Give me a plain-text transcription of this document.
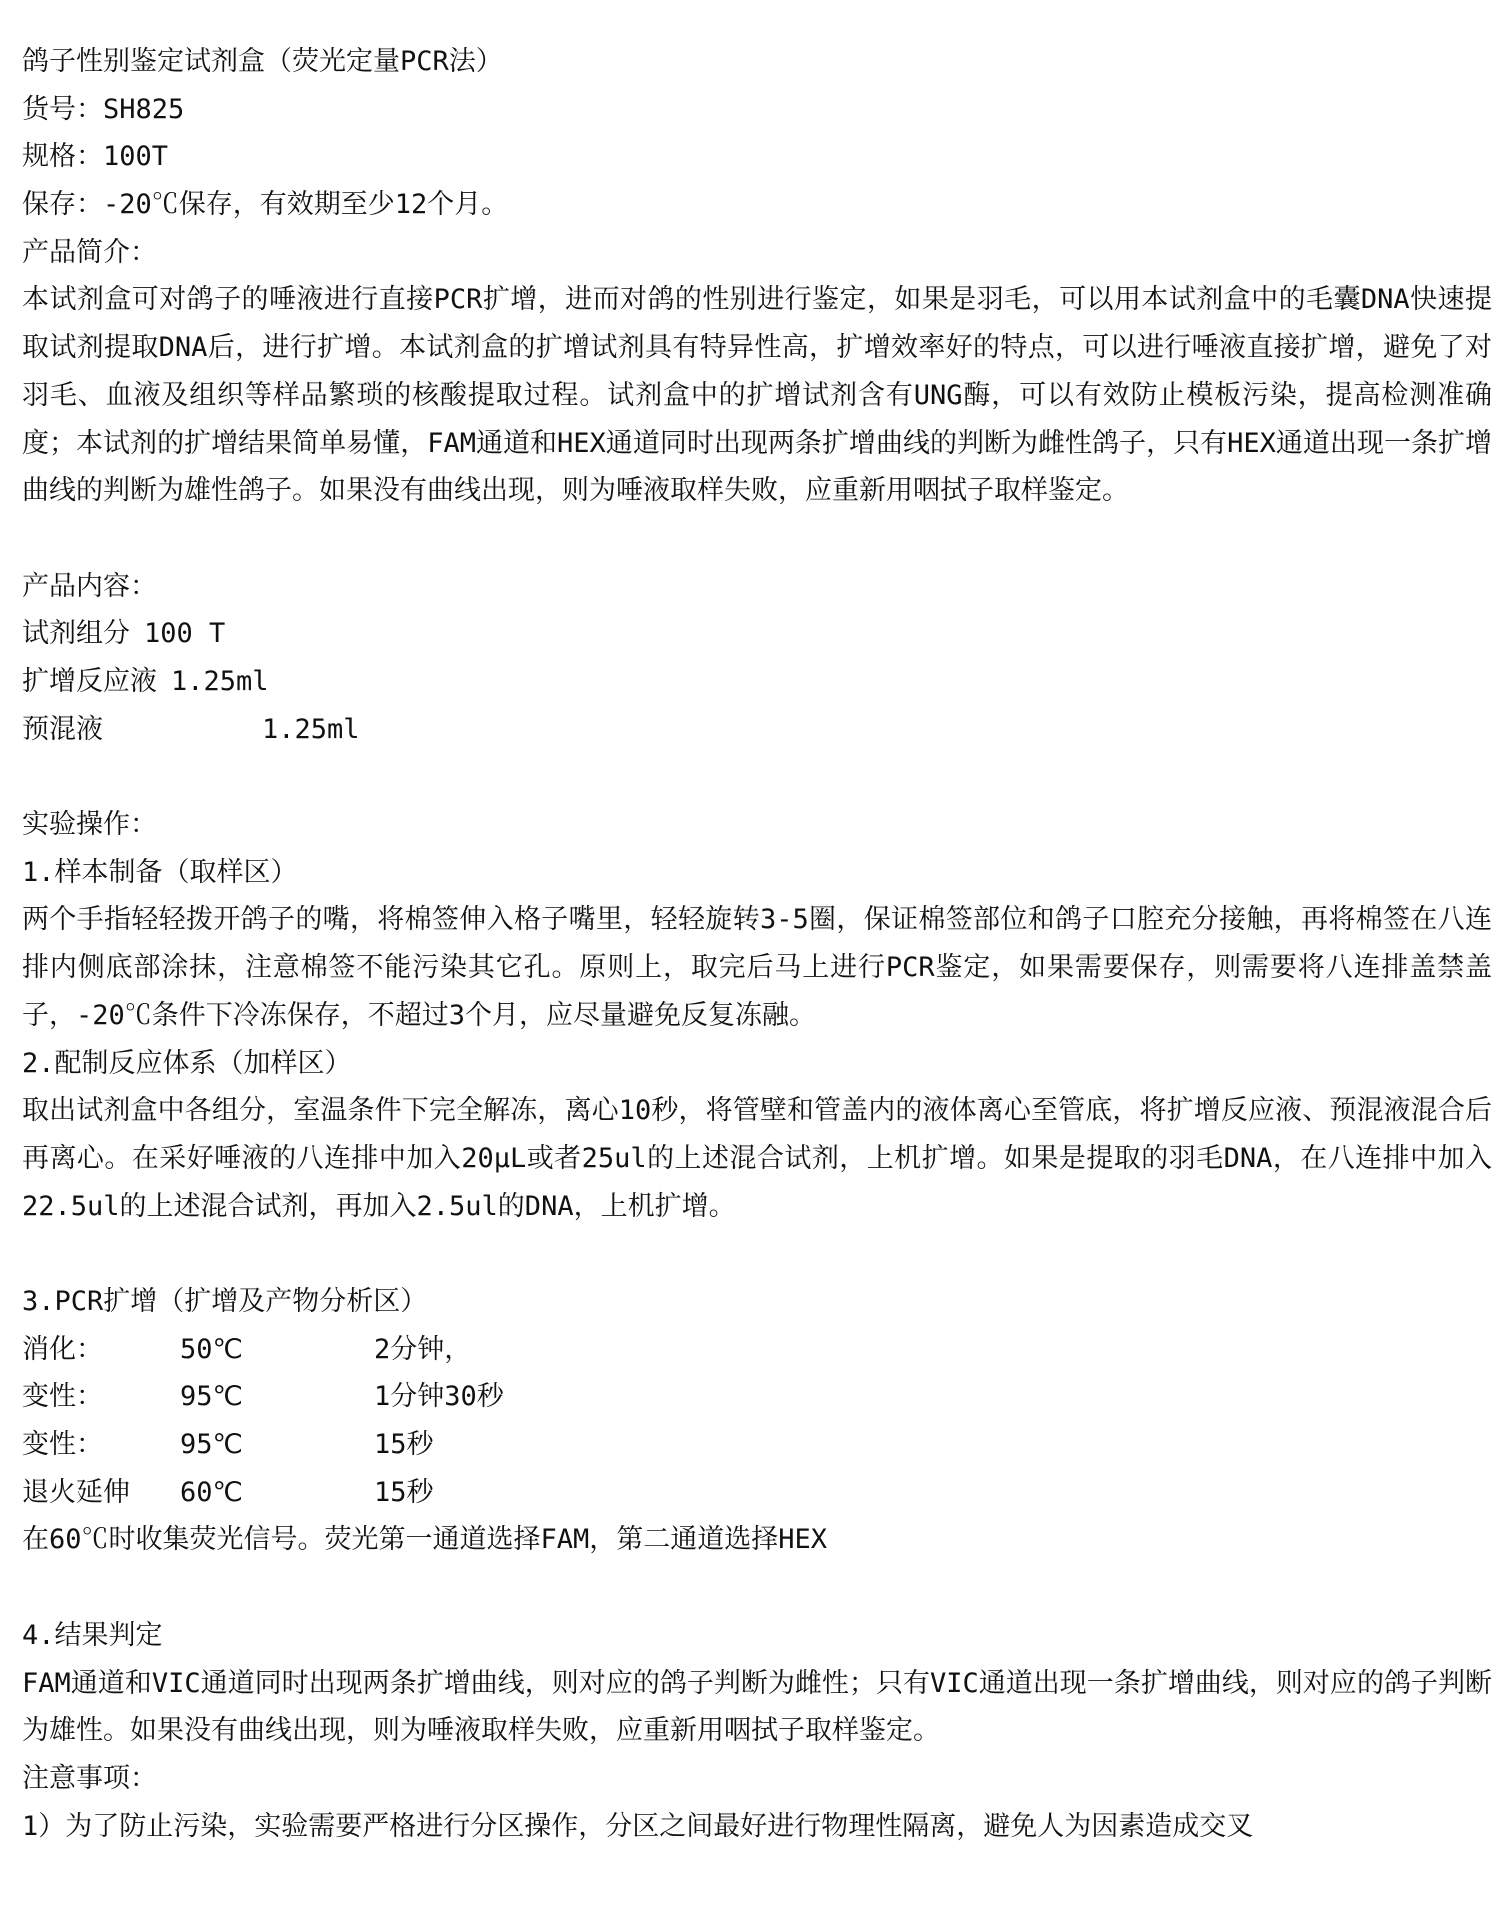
鸽子性别鉴定试剂盒（荧光定量PCR法）
货号：SH825
规格：100T
保存：-20℃保存，有效期至少12个月。
产品简介：
本试剂盒可对鸽子的唾液进行直接PCR扩增，进而对鸽的性别进行鉴定，如果是羽毛，可以用本试剂盒中的毛囊DNA快速提取试剂提取DNA后，进行扩增。本试剂盒的扩增试剂具有特异性高，扩增效率好的特点，可以进行唾液直接扩增，避免了对羽毛、血液及组织等样品繁琐的核酸提取过程。试剂盒中的扩增试剂含有UNG酶，可以有效防止模板污染，提高检测准确度；本试剂的扩增结果简单易懂，FAM通道和HEX通道同时出现两条扩增曲线的判断为雌性鸽子，只有HEX通道出现一条扩增曲线的判断为雄性鸽子。如果没有曲线出现，则为唾液取样失败，应重新用咽拭子取样鉴定。
产品内容：
试剂组分 100 T
扩增反应液 1.25ml
预混液	1.25ml
实验操作：
1.样本制备（取样区）
两个手指轻轻拨开鸽子的嘴，将棉签伸入格子嘴里，轻轻旋转3-5圈，保证棉签部位和鸽子口腔充分接触，再将棉签在八连排内侧底部涂抹，注意棉签不能污染其它孔。原则上，取完后马上进行PCR鉴定，如果需要保存，则需要将八连排盖禁盖子，-20℃条件下冷冻保存，不超过3个月，应尽量避免反复冻融。
2.配制反应体系（加样区）
取出试剂盒中各组分，室温条件下完全解冻，离心10秒，将管壁和管盖内的液体离心至管底，将扩增反应液、预混液混合后再离心。在采好唾液的八连排中加入20μL或者25ul的上述混合试剂，上机扩增。如果是提取的羽毛DNA，在八连排中加入22.5ul的上述混合试剂，再加入2.5ul的DNA，上机扩增。
3.PCR扩增（扩增及产物分析区）
消化：	50℃	2分钟，
变性：	95℃	1分钟30秒
变性：	95℃	15秒
退火延伸	60℃	15秒
在60℃时收集荧光信号。荧光第一通道选择FAM，第二通道选择HEX
4.结果判定
FAM通道和VIC通道同时出现两条扩增曲线，则对应的鸽子判断为雌性；只有VIC通道出现一条扩增曲线，则对应的鸽子判断为雄性。如果没有曲线出现，则为唾液取样失败，应重新用咽拭子取样鉴定。
注意事项：
1）为了防止污染，实验需要严格进行分区操作，分区之间最好进行物理性隔离，避免人为因素造成交叉
